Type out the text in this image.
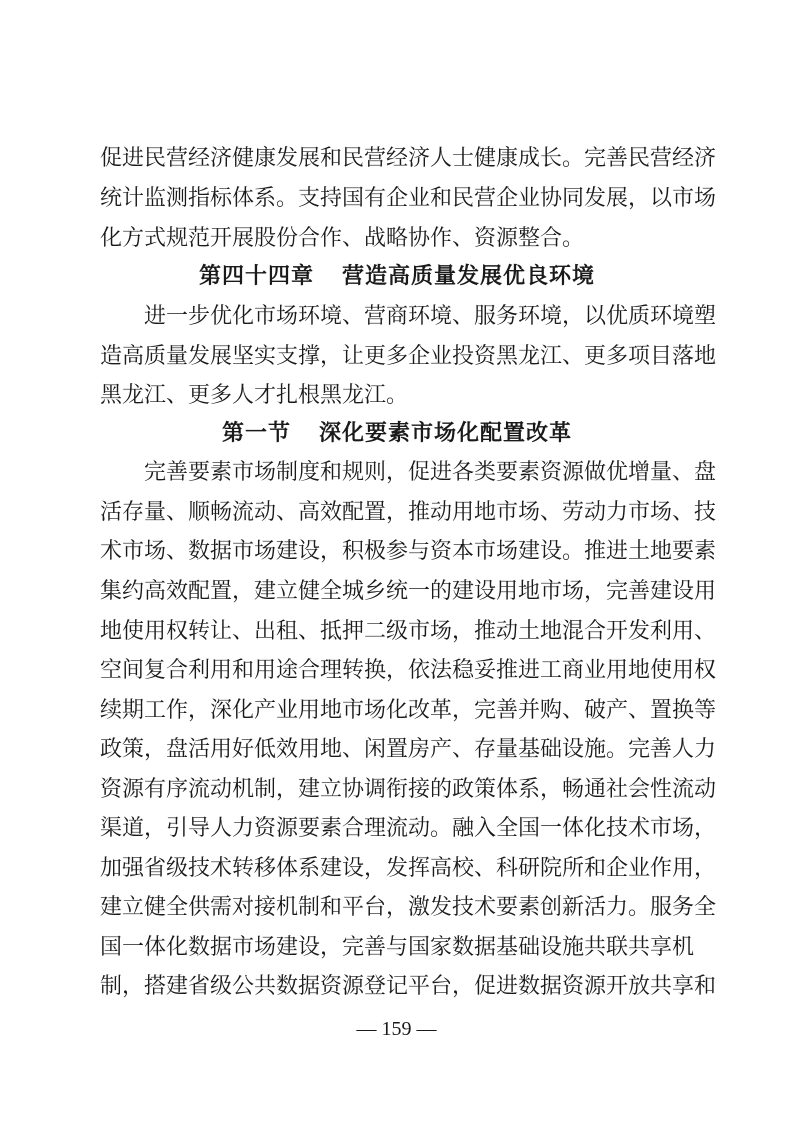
促进民营经济健康发展和民营经济人士健康成长。完善民营经济
统计监测指标体系。支持国有企业和民营企业协同发展，以市场
化方式规范开展股份合作、战略协作、资源整合。
第四十四章 营造高质量发展优良环境
进一步优化市场环境、营商环境、服务环境，以优质环境塑
造高质量发展坚实支撑，让更多企业投资黑龙江、更多项目落地
黑龙江、更多人才扎根黑龙江。
第一节 深化要素市场化配置改革
完善要素市场制度和规则，促进各类要素资源做优增量、盘
活存量、顺畅流动、高效配置，推动用地市场、劳动力市场、技
术市场、数据市场建设，积极参与资本市场建设。推进土地要素
集约高效配置，建立健全城乡统一的建设用地市场，完善建设用
地使用权转让、出租、抵押二级市场，推动土地混合开发利用、
空间复合利用和用途合理转换，依法稳妥推进工商业用地使用权
续期工作，深化产业用地市场化改革，完善并购、破产、置换等
政策，盘活用好低效用地、闲置房产、存量基础设施。完善人力
资源有序流动机制，建立协调衔接的政策体系，畅通社会性流动
渠道，引导人力资源要素合理流动。融入全国一体化技术市场，
加强省级技术转移体系建设，发挥高校、科研院所和企业作用，
建立健全供需对接机制和平台，激发技术要素创新活力。服务全
国一体化数据市场建设，完善与国家数据基础设施共联共享机
制，搭建省级公共数据资源登记平台，促进数据资源开放共享和
— 159 —
